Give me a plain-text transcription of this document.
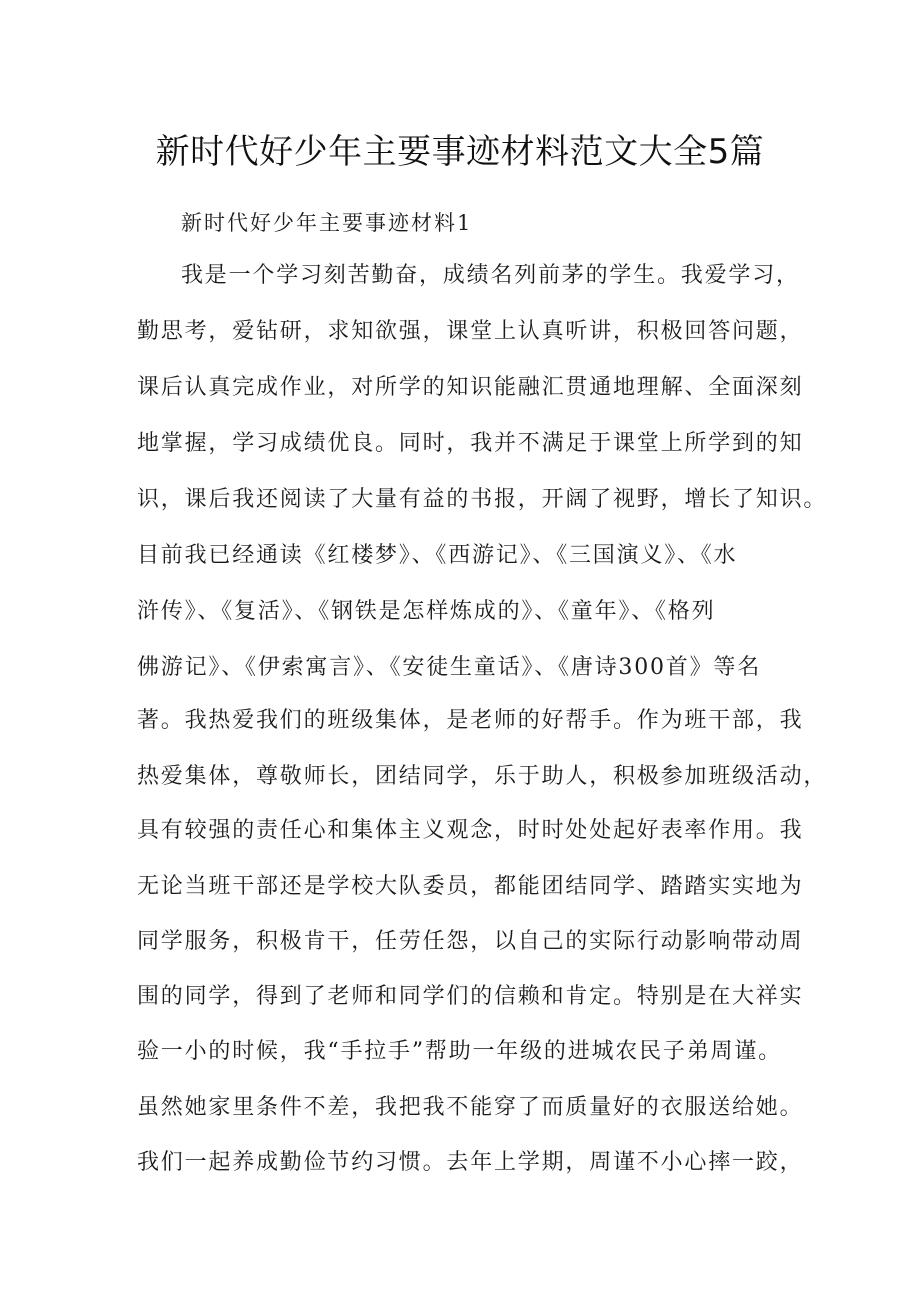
新时代好少年主要事迹材料范文大全5篇
新时代好少年主要事迹材料1
我是一个学习刻苦勤奋，成绩名列前茅的学生。我爱学习，
勤思考，爱钻研，求知欲强，课堂上认真听讲，积极回答问题，
课后认真完成作业，对所学的知识能融汇贯通地理解、全面深刻
地掌握，学习成绩优良。同时，我并不满足于课堂上所学到的知
识，课后我还阅读了大量有益的书报，开阔了视野，增长了知识。
目前我已经通读《红楼梦》、《西游记》、《三国演义》、《水
浒传》、《复活》、《钢铁是怎样炼成的》、《童年》、《格列
佛游记》、《伊索寓言》、《安徒生童话》、《唐诗300首》等名
著。我热爱我们的班级集体，是老师的好帮手。作为班干部，我
热爱集体，尊敬师长，团结同学，乐于助人，积极参加班级活动，
具有较强的责任心和集体主义观念，时时处处起好表率作用。我
无论当班干部还是学校大队委员，都能团结同学、踏踏实实地为
同学服务，积极肯干，任劳任怨，以自己的实际行动影响带动周
围的同学，得到了老师和同学们的信赖和肯定。特别是在大祥实
验一小的时候，我“手拉手”帮助一年级的进城农民子弟周谨。
虽然她家里条件不差，我把我不能穿了而质量好的衣服送给她。
我们一起养成勤俭节约习惯。去年上学期，周谨不小心摔一跤，
